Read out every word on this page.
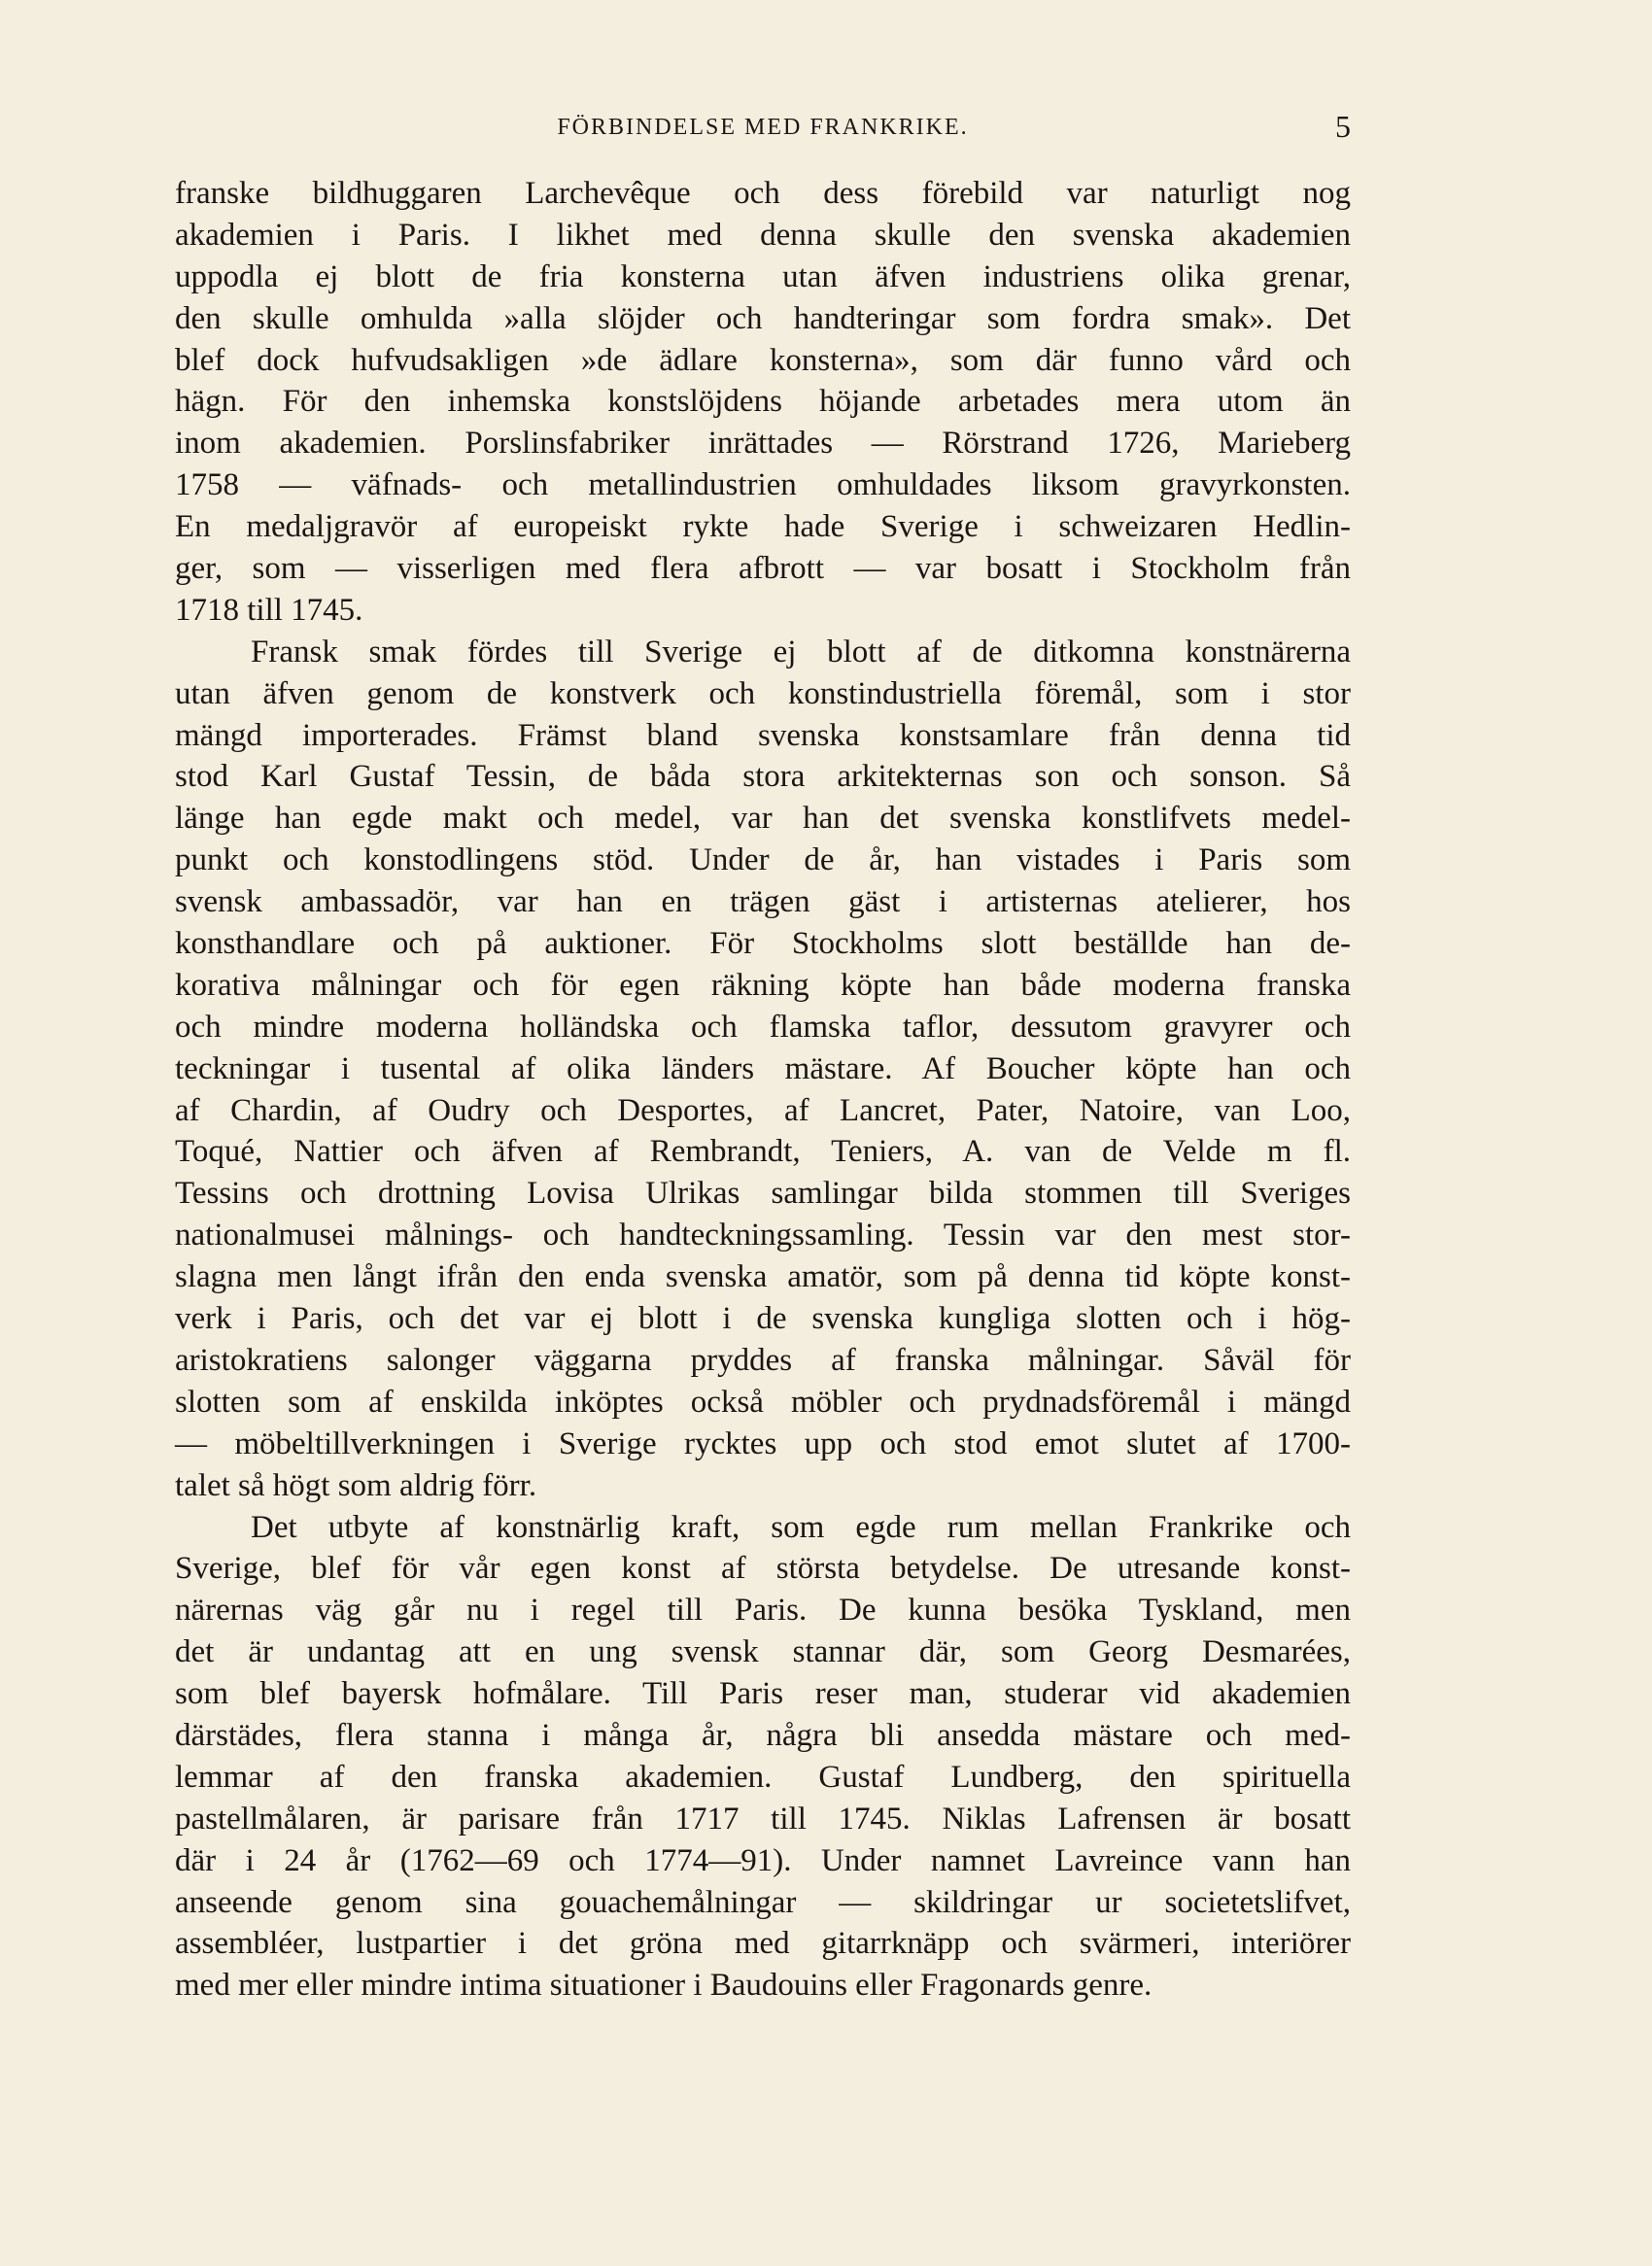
FÖRBINDELSE MED FRANKRIKE.	5
franske bildhuggaren Larchevêque och dess förebild var naturligt nog
akademien i Paris. I likhet med denna skulle den svenska akademien
uppodla ej blott de fria konsterna utan äfven industriens olika grenar,
den skulle omhulda »alla slöjder och handteringar som fordra smak». Det
blef dock hufvudsakligen »de ädlare konsterna», som där funno vård och
hägn. För den inhemska konstslöjdens höjande arbetades mera utom än
inom akademien. Porslinsfabriker inrättades — Rörstrand 1726, Marieberg
1758 — väfnads- och metallindustrien omhuldades liksom gravyrkonsten.
En medaljgravör af europeiskt rykte hade Sverige i schweizaren Hedlin-
ger, som — visserligen med flera afbrott — var bosatt i Stockholm från
1718 till 1745.
Fransk smak fördes till Sverige ej blott af de ditkomna konstnärerna
utan äfven genom de konstverk och konstindustriella föremål, som i stor
mängd importerades. Främst bland svenska konstsamlare från denna tid
stod Karl Gustaf Tessin, de båda stora arkitekternas son och sonson. Så
länge han egde makt och medel, var han det svenska konstlifvets medel-
punkt och konstodlingens stöd. Under de år, han vistades i Paris som
svensk ambassadör, var han en trägen gäst i artisternas atelierer, hos
konsthandlare och på auktioner. För Stockholms slott beställde han de-
korativa målningar och för egen räkning köpte han både moderna franska
och mindre moderna holländska och flamska taflor, dessutom gravyrer och
teckningar i tusental af olika länders mästare. Af Boucher köpte han och
af Chardin, af Oudry och Desportes, af Lancret, Pater, Natoire, van Loo,
Toqué, Nattier och äfven af Rembrandt, Teniers, A. van de Velde m fl.
Tessins och drottning Lovisa Ulrikas samlingar bilda stommen till Sveriges
nationalmusei målnings- och handteckningssamling. Tessin var den mest stor-
slagna men långt ifrån den enda svenska amatör, som på denna tid köpte konst-
verk i Paris, och det var ej blott i de svenska kungliga slotten och i hög-
aristokratiens salonger väggarna pryddes af franska målningar. Såväl för
slotten som af enskilda inköptes också möbler och prydnadsföremål i mängd
— möbeltillverkningen i Sverige rycktes upp och stod emot slutet af 1700-
talet så högt som aldrig förr.
Det utbyte af konstnärlig kraft, som egde rum mellan Frankrike och
Sverige, blef för vår egen konst af största betydelse. De utresande konst-
närernas väg går nu i regel till Paris. De kunna besöka Tyskland, men
det är undantag att en ung svensk stannar där, som Georg Desmarées,
som blef bayersk hofmålare. Till Paris reser man, studerar vid akademien
därstädes, flera stanna i många år, några bli ansedda mästare och med-
lemmar af den franska akademien. Gustaf Lundberg, den spirituella
pastellmålaren, är parisare från 1717 till 1745. Niklas Lafrensen är bosatt
där i 24 år (1762—69 och 1774—91). Under namnet Lavreince vann han
anseende genom sina gouachemålningar — skildringar ur societetslifvet,
assembléer, lustpartier i det gröna med gitarrknäpp och svärmeri, interiörer
med mer eller mindre intima situationer i Baudouins eller Fragonards genre.
